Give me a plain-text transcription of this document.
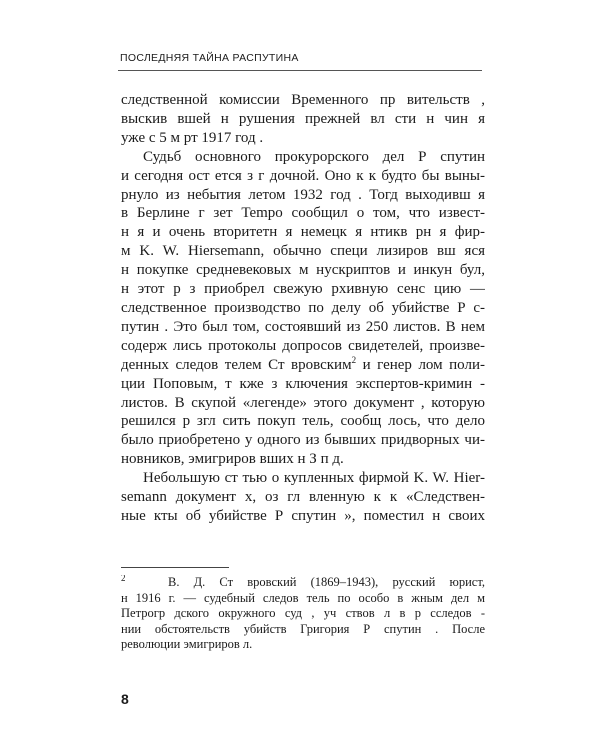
ПОСЛЕДНЯЯ ТАЙНА РАСПУТИНА
следственной комиссии Временного пр вительств ,
выскив вшей н рушения прежней вл сти н чин я
уже с 5 м рт 1917 год .
Судьб основного прокурорского дел Р спутин
и сегодня ост ется з г дочной. Оно к к будто бы выны-
рнуло из небытия летом 1932 год . Тогд выходивш я
в Берлине г зет Tempo сообщил о том, что извест-
н я и очень вторитетн я немецк я нтикв рн я фир-
м K. W. Hiersemann, обычно специ лизиров вш яся
н покупке средневековых м нускриптов и инкун бул,
н этот р з приобрел свежую рхивную сенс цию —
следственное производство по делу об убийстве Р с-
путин . Это был том, состоявший из 250 листов. В нем
содерж лись протоколы допросов свидетелей, произве-
денных следов телем Ст вровским$^2$ и генер лом поли-
ции Поповым, т кже з ключения экспертов-кримин -
листов. В скупой «легенде» этого документ , которую
решился р згл сить покуп тель, сообщ лось, что дело
было приобретено у одного из бывших придворных чи-
новников, эмигриров вших н З п д.
Небольшую ст тью о купленных фирмой K. W. Hier-
semann документ х, оз гл вленную к к «Следствен-
ные кты об убийстве Р спутин », поместил н своих
$^2$	В. Д. Ст вровский (1869–1943), русский юрист,
н 1916 г. — судебный следов тель по особо в жным дел м
Петрогр дского окружного суд , уч ствов л в р сследов -
нии обстоятельств убийств Григория Р спутин . После
революции эмигриров л.
8
